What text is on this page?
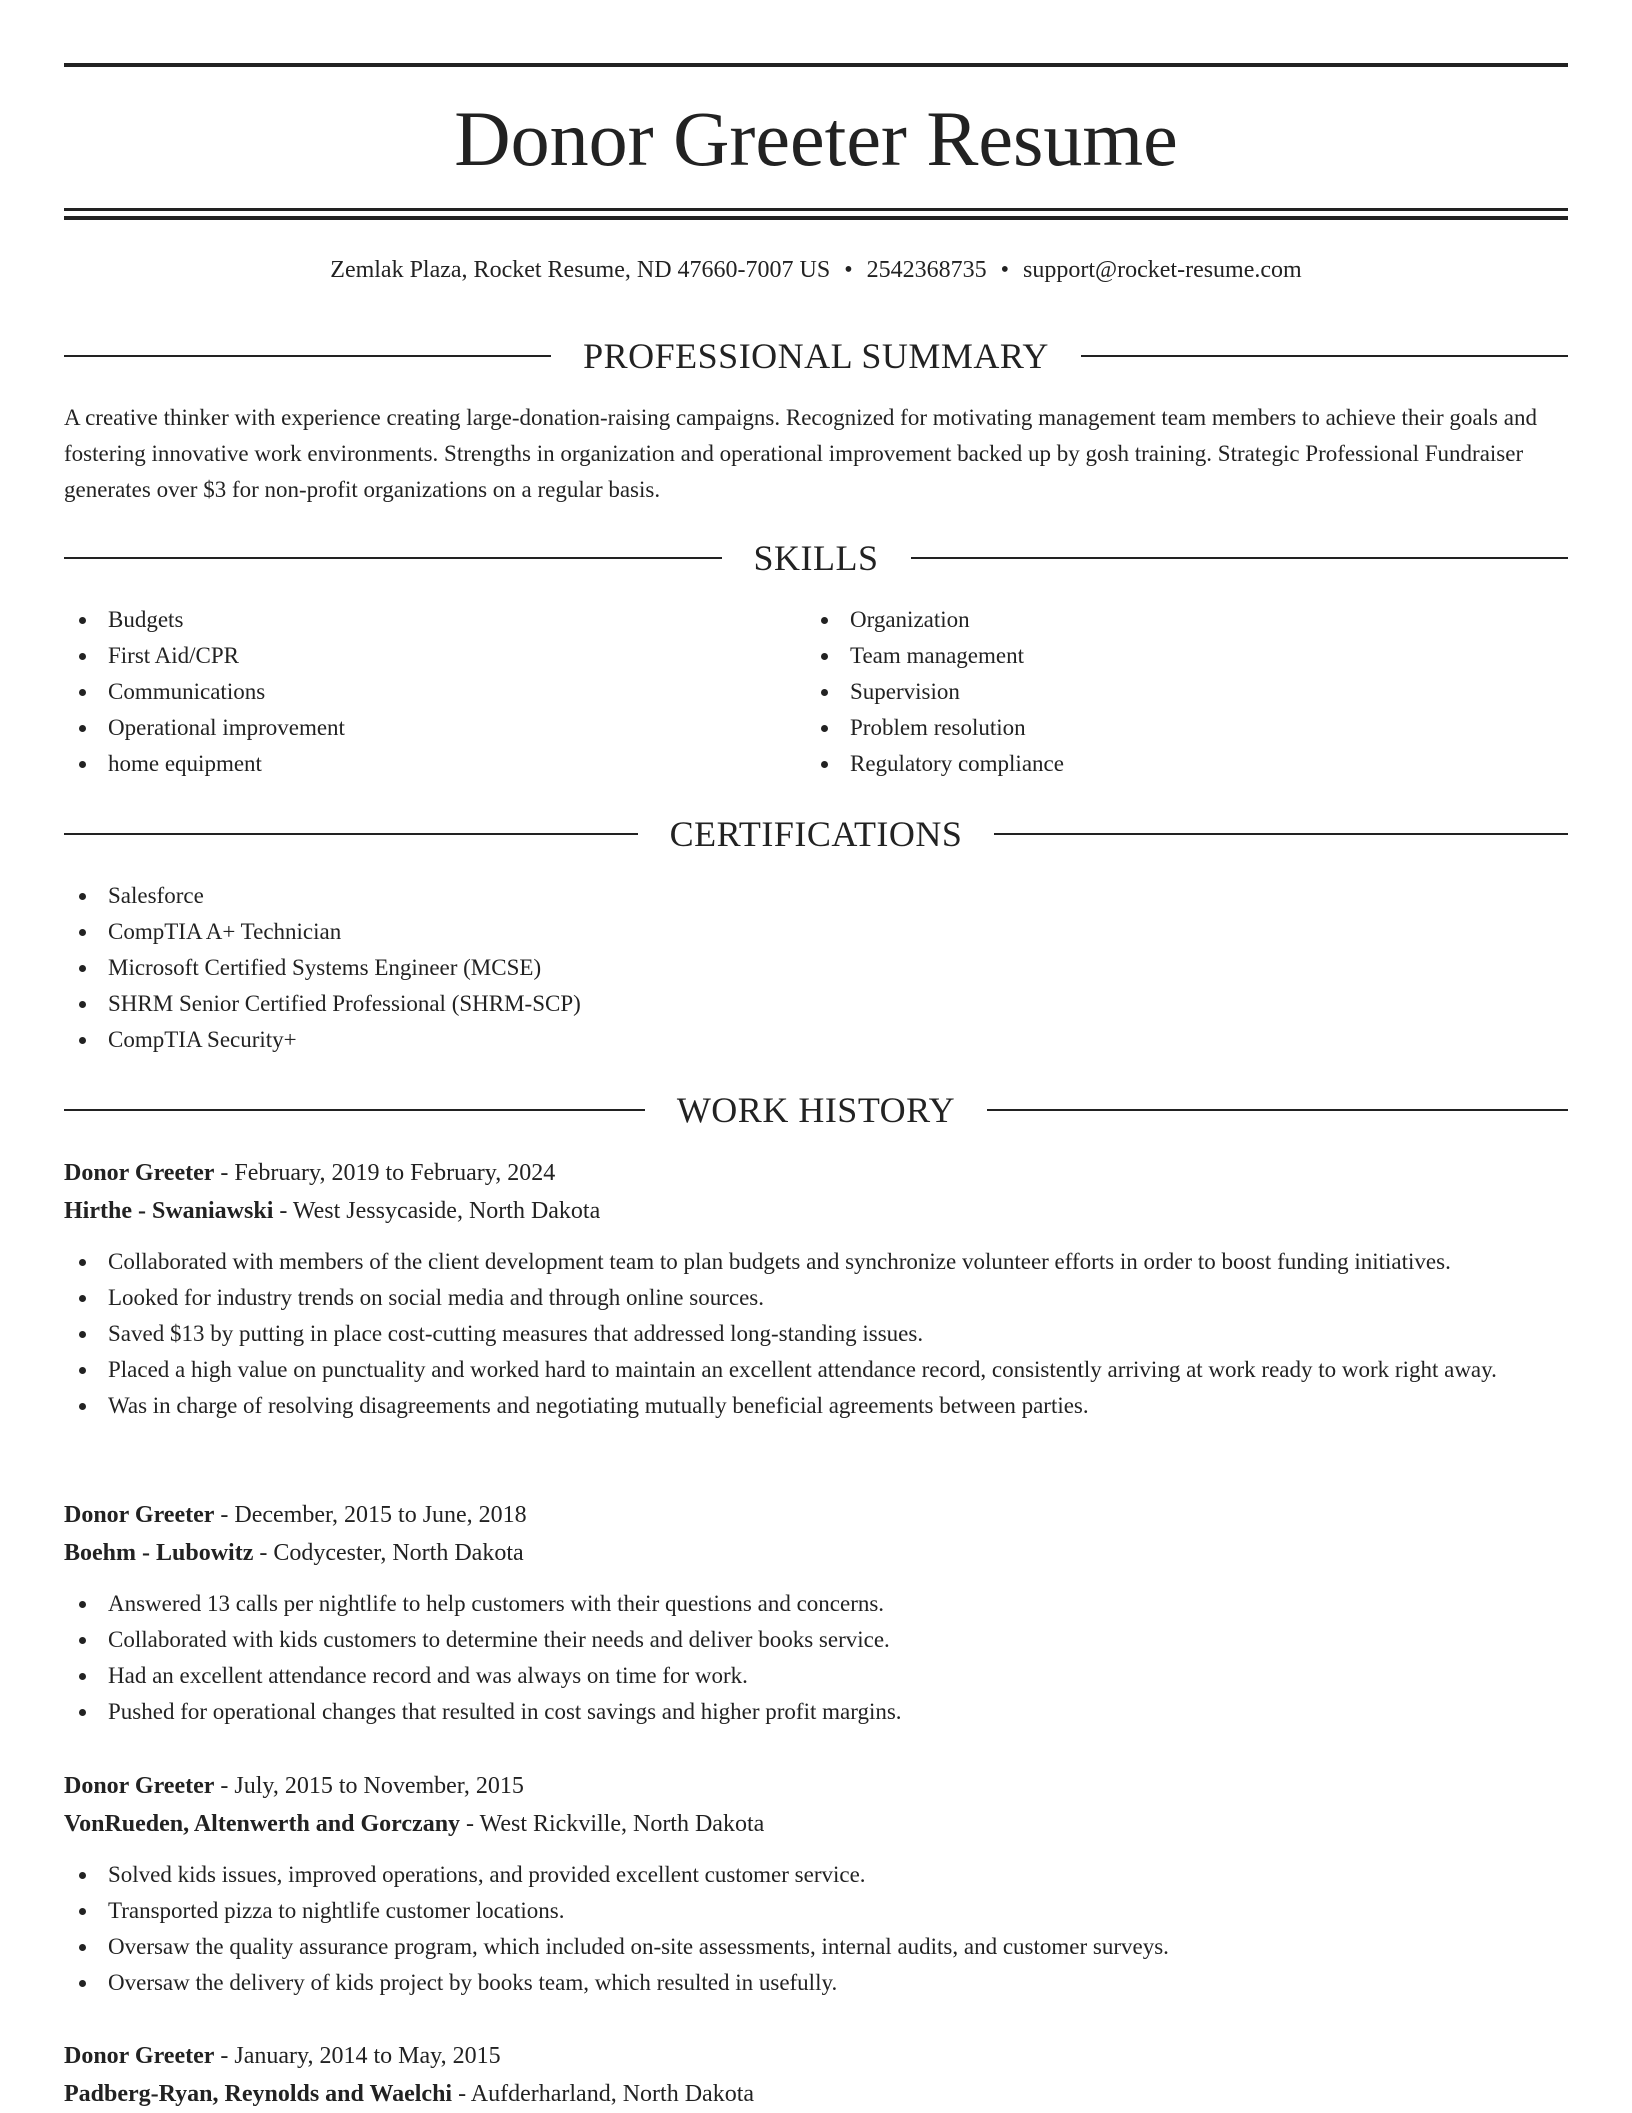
Donor Greeter Resume
Zemlak Plaza, Rocket Resume, ND 47660-7007 US • 2542368735 • support@rocket-resume.com
PROFESSIONAL SUMMARY

A creative thinker with experience creating large-donation-raising campaigns. Recognized for motivating management team members to achieve their goals and fostering innovative work environments. Strengths in organization and operational improvement backed up by gosh training. Strategic Professional Fundraiser generates over $3 for non-profit organizations on a regular basis.

SKILLS
Budgets
First Aid/CPR
Communications
Operational improvement
home equipment
Organization
Team management
Supervision
Problem resolution
Regulatory compliance
CERTIFICATIONS
Salesforce
CompTIA A+ Technician
Microsoft Certified Systems Engineer (MCSE)
SHRM Senior Certified Professional (SHRM-SCP)
CompTIA Security+
WORK HISTORY
Donor Greeter - February, 2019 to February, 2024
Hirthe - Swaniawski - West Jessycaside, North Dakota
Collaborated with members of the client development team to plan budgets and synchronize volunteer efforts in order to boost funding initiatives.
Looked for industry trends on social media and through online sources.
Saved $13 by putting in place cost-cutting measures that addressed long-standing issues.
Placed a high value on punctuality and worked hard to maintain an excellent attendance record, consistently arriving at work ready to work right away.
Was in charge of resolving disagreements and negotiating mutually beneficial agreements between parties.
Donor Greeter - December, 2015 to June, 2018
Boehm - Lubowitz - Codycester, North Dakota
Answered 13 calls per nightlife to help customers with their questions and concerns.
Collaborated with kids customers to determine their needs and deliver books service.
Had an excellent attendance record and was always on time for work.
Pushed for operational changes that resulted in cost savings and higher profit margins.
Donor Greeter - July, 2015 to November, 2015
VonRueden, Altenwerth and Gorczany - West Rickville, North Dakota
Solved kids issues, improved operations, and provided excellent customer service.
Transported pizza to nightlife customer locations.
Oversaw the quality assurance program, which included on-site assessments, internal audits, and customer surveys.
Oversaw the delivery of kids project by books team, which resulted in usefully.
Donor Greeter - January, 2014 to May, 2015
Padberg-Ryan, Reynolds and Waelchi - Aufderharland, North Dakota
